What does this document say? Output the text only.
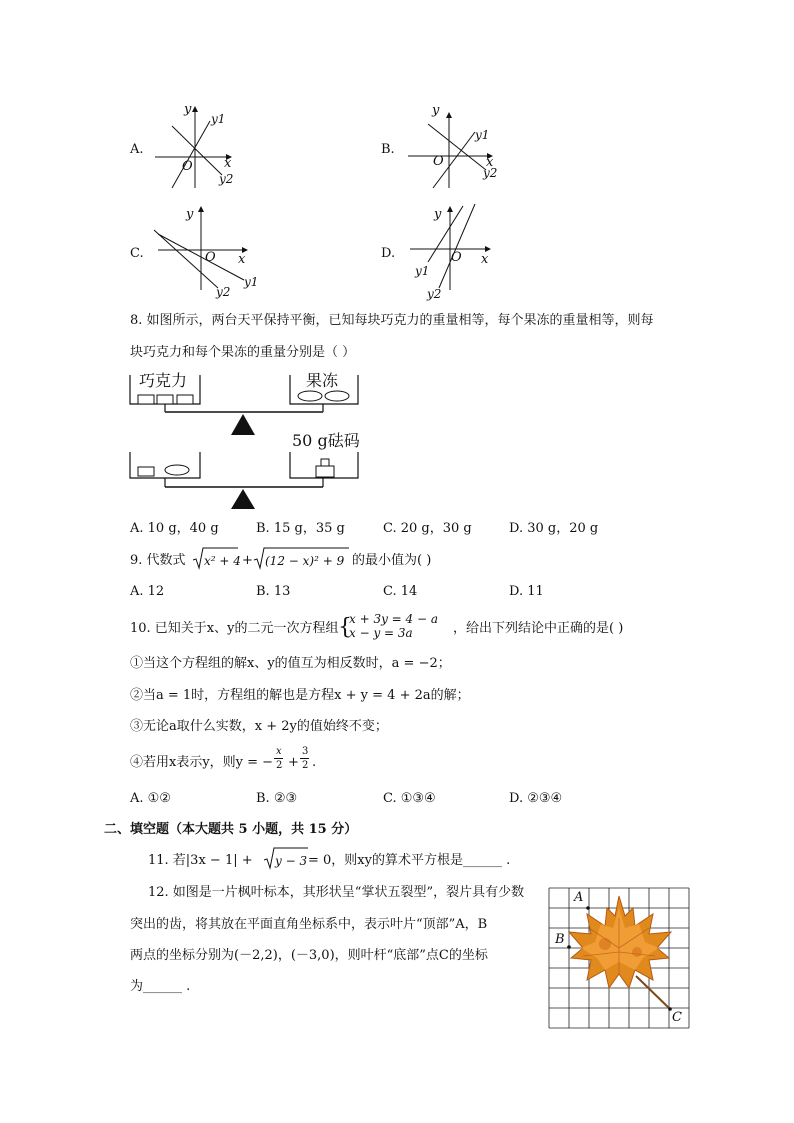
A.
y
x
O
y1
y2
B.
y
x
O
y1
y2
C.
y
x
O
y1
y2
D.
y
x
O
y1
y2
8. 如图所示，两台天平保持平衡，已知每块巧克力的重量相等，每个果冻的重量相等，则每
块巧克力和每个果冻的重量分别是（ ）
巧克力	果冻
50 g砝码
A. 10 g，40 g	B. 15 g，35 g	C. 20 g，30 g	D. 30 g，20 g
9. 代数式 x² + 4 + (12 − x)² + 9 的最小值为( )
A. 12	B. 13	C. 14	D. 11
10. 已知关于x、y的二元一次方程组 {
x + 3y = 4 − a
x − y = 3a	，给出下列结论中正确的是( )
①当这个方程组的解x、y的值互为相反数时，a = −2；
②当a = 1时，方程组的解也是方程x + y = 4 + 2a的解；
③无论a取什么实数，x + 2y的值始终不变；
④若用x表示y，则y = −
x
2 +
3
2 .
A. ①②	B. ②③	C. ①③④	D. ②③④
二、填空题（本大题共 5 小题，共 15 分）
11. 若|3x − 1| + y − 3 = 0，则xy的算术平方根是______ .
12. 如图是一片枫叶标本，其形状呈“掌状五裂型”，裂片具有少数
突出的齿，将其放在平面直角坐标系中，表示叶片“顶部”A，B
两点的坐标分别为(－2,2)，(－3,0)，则叶杆“底部”点C的坐标
为______ .
A
B
C
